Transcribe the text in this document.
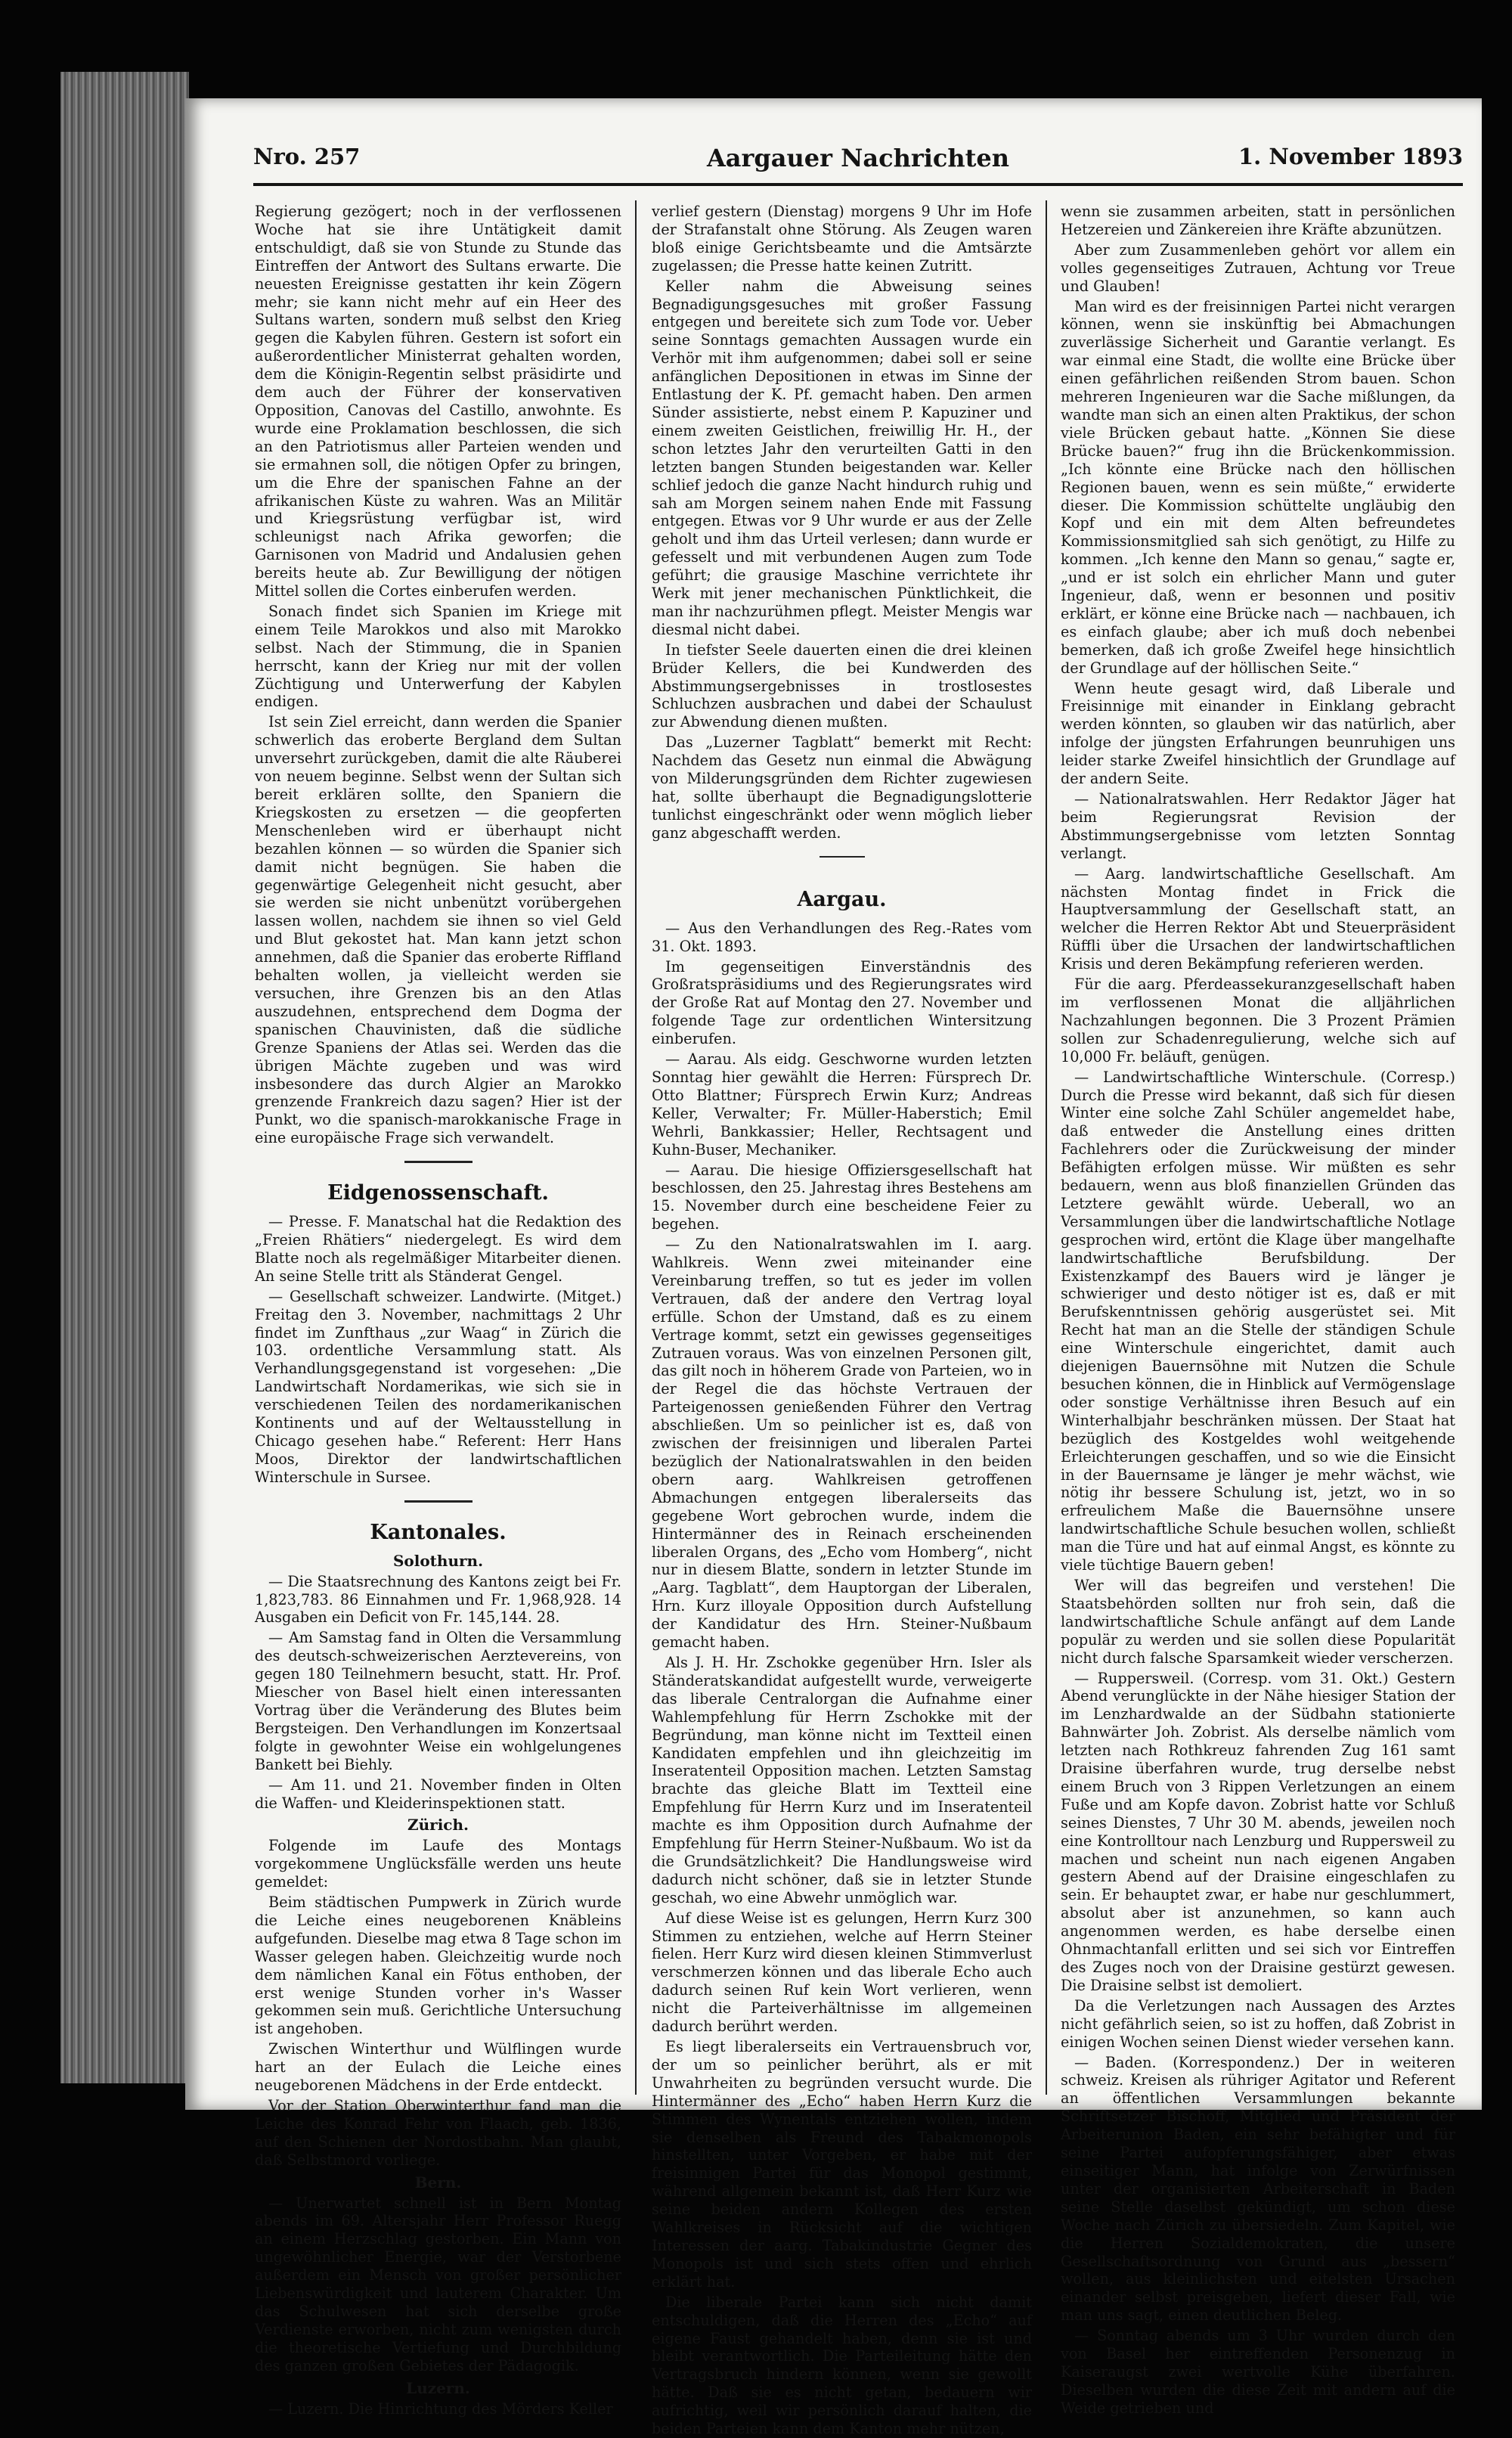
Nro. 257	Aargauer Nachrichten	1. November 1893

Regierung gezögert; noch in der verflossenen Woche hat sie ihre Untätigkeit damit entschuldigt, daß sie von Stunde zu Stunde das Eintreffen der Antwort des Sultans erwarte. Die neuesten Ereignisse gestatten ihr kein Zögern mehr; sie kann nicht mehr auf ein Heer des Sultans warten, sondern muß selbst den Krieg gegen die Kabylen führen. Gestern ist sofort ein außerordentlicher Ministerrat gehalten worden, dem die Königin-Regentin selbst präsidirte und dem auch der Führer der konservativen Opposition, Canovas del Castillo, anwohnte. Es wurde eine Proklamation beschlossen, die sich an den Patriotismus aller Parteien wenden und sie ermahnen soll, die nötigen Opfer zu bringen, um die Ehre der spanischen Fahne an der afrikanischen Küste zu wahren. Was an Militär und Kriegsrüstung verfügbar ist, wird schleunigst nach Afrika geworfen; die Garnisonen von Madrid und Andalusien gehen bereits heute ab. Zur Bewilligung der nötigen Mittel sollen die Cortes einberufen werden.

Sonach findet sich Spanien im Kriege mit einem Teile Marokkos und also mit Marokko selbst. Nach der Stimmung, die in Spanien herrscht, kann der Krieg nur mit der vollen Züchtigung und Unterwerfung der Kabylen endigen.

Ist sein Ziel erreicht, dann werden die Spanier schwerlich das eroberte Bergland dem Sultan unversehrt zurückgeben, damit die alte Räuberei von neuem beginne. Selbst wenn der Sultan sich bereit erklären sollte, den Spaniern die Kriegskosten zu ersetzen — die geopferten Menschenleben wird er überhaupt nicht bezahlen können — so würden die Spanier sich damit nicht begnügen. Sie haben die gegenwärtige Gelegenheit nicht gesucht, aber sie werden sie nicht unbenützt vorübergehen lassen wollen, nachdem sie ihnen so viel Geld und Blut gekostet hat. Man kann jetzt schon annehmen, daß die Spanier das eroberte Riffland behalten wollen, ja vielleicht werden sie versuchen, ihre Grenzen bis an den Atlas auszudehnen, entsprechend dem Dogma der spanischen Chauvinisten, daß die südliche Grenze Spaniens der Atlas sei. Werden das die übrigen Mächte zugeben und was wird insbesondere das durch Algier an Marokko grenzende Frankreich dazu sagen? Hier ist der Punkt, wo die spanisch-marokkanische Frage in eine europäische Frage sich verwandelt.

Eidgenossenschaft.

— Presse. F. Manatschal hat die Redaktion des „Freien Rhätiers“ niedergelegt. Es wird dem Blatte noch als regelmäßiger Mitarbeiter dienen. An seine Stelle tritt als Ständerat Gengel.

— Gesellschaft schweizer. Landwirte. (Mitget.) Freitag den 3. November, nachmittags 2 Uhr findet im Zunfthaus „zur Waag“ in Zürich die 103. ordentliche Versammlung statt. Als Verhandlungsgegenstand ist vorgesehen: „Die Landwirtschaft Nordamerikas, wie sich sie in verschiedenen Teilen des nordamerikanischen Kontinents und auf der Weltausstellung in Chicago gesehen habe.“ Referent: Herr Hans Moos, Direktor der landwirtschaftlichen Winterschule in Sursee.

Kantonales.
Solothurn.

— Die Staatsrechnung des Kantons zeigt bei Fr. 1,823,783. 86 Einnahmen und Fr. 1,968,928. 14 Ausgaben ein Deficit von Fr. 145,144. 28.

— Am Samstag fand in Olten die Versammlung des deutsch-schweizerischen Aerztevereins, von gegen 180 Teilnehmern besucht, statt. Hr. Prof. Miescher von Basel hielt einen interessanten Vortrag über die Veränderung des Blutes beim Bergsteigen. Den Verhandlungen im Konzertsaal folgte in gewohnter Weise ein wohlgelungenes Bankett bei Biehly.

— Am 11. und 21. November finden in Olten die Waffen- und Kleiderinspektionen statt.

Zürich.

Folgende im Laufe des Montags vorgekommene Unglücksfälle werden uns heute gemeldet:

Beim städtischen Pumpwerk in Zürich wurde die Leiche eines neugeborenen Knäbleins aufgefunden. Dieselbe mag etwa 8 Tage schon im Wasser gelegen haben. Gleichzeitig wurde noch dem nämlichen Kanal ein Fötus enthoben, der erst wenige Stunden vorher in's Wasser gekommen sein muß. Gerichtliche Untersuchung ist angehoben.

Zwischen Winterthur und Wülflingen wurde hart an der Eulach die Leiche eines neugeborenen Mädchens in der Erde entdeckt.

Vor der Station Oberwinterthur fand man die Leiche des Konrad Fehr von Flaach, geb. 1836, auf den Schienen der Nordostbahn. Man glaubt, daß Selbstmord vorliege.

Bern.

— Unerwartet schnell ist in Bern Montag abends im 69. Altersjahr Herr Professor Ruegg an einem Herzschlag gestorben. Ein Mann von ungewöhnlicher Energie, war der Verstorbene außerdem ein Mensch von großer persönlicher Liebenswürdigkeit und lauterem Charakter. Um das Schulwesen hat sich derselbe große Verdienste erworben, nicht zum wenigsten durch die theoretische Vertiefung und Durchbildung des ganzen großen Gebietes der Pädagogik.

Luzern.

— Luzern. Die Hinrichtung des Mörders Keller

verlief gestern (Dienstag) morgens 9 Uhr im Hofe der Strafanstalt ohne Störung. Als Zeugen waren bloß einige Gerichtsbeamte und die Amtsärzte zugelassen; die Presse hatte keinen Zutritt.

Keller nahm die Abweisung seines Begnadigungsgesuches mit großer Fassung entgegen und bereitete sich zum Tode vor. Ueber seine Sonntags gemachten Aussagen wurde ein Verhör mit ihm aufgenommen; dabei soll er seine anfänglichen Depositionen in etwas im Sinne der Entlastung der K. Pf. gemacht haben. Den armen Sünder assistierte, nebst einem P. Kapuziner und einem zweiten Geistlichen, freiwillig Hr. H., der schon letztes Jahr den verurteilten Gatti in den letzten bangen Stunden beigestanden war. Keller schlief jedoch die ganze Nacht hindurch ruhig und sah am Morgen seinem nahen Ende mit Fassung entgegen. Etwas vor 9 Uhr wurde er aus der Zelle geholt und ihm das Urteil verlesen; dann wurde er gefesselt und mit verbundenen Augen zum Tode geführt; die grausige Maschine verrichtete ihr Werk mit jener mechanischen Pünktlichkeit, die man ihr nachzurühmen pflegt. Meister Mengis war diesmal nicht dabei.

In tiefster Seele dauerten einen die drei kleinen Brüder Kellers, die bei Kundwerden des Abstimmungsergebnisses in trostlosestes Schluchzen ausbrachen und dabei der Schaulust zur Abwendung dienen mußten.

Das „Luzerner Tagblatt“ bemerkt mit Recht: Nachdem das Gesetz nun einmal die Abwägung von Milderungsgründen dem Richter zugewiesen hat, sollte überhaupt die Begnadigungslotterie tunlichst eingeschränkt oder wenn möglich lieber ganz abgeschafft werden.

Aargau.

— Aus den Verhandlungen des Reg.-Rates vom 31. Okt. 1893.

Im gegenseitigen Einverständnis des Großratspräsidiums und des Regierungsrates wird der Große Rat auf Montag den 27. November und folgende Tage zur ordentlichen Wintersitzung einberufen.

— Aarau. Als eidg. Geschworne wurden letzten Sonntag hier gewählt die Herren: Fürsprech Dr. Otto Blattner; Fürsprech Erwin Kurz; Andreas Keller, Verwalter; Fr. Müller-Haberstich; Emil Wehrli, Bankkassier; Heller, Rechtsagent und Kuhn-Buser, Mechaniker.

— Aarau. Die hiesige Offiziersgesellschaft hat beschlossen, den 25. Jahrestag ihres Bestehens am 15. November durch eine bescheidene Feier zu begehen.

— Zu den Nationalratswahlen im I. aarg. Wahlkreis. Wenn zwei miteinander eine Vereinbarung treffen, so tut es jeder im vollen Vertrauen, daß der andere den Vertrag loyal erfülle. Schon der Umstand, daß es zu einem Vertrage kommt, setzt ein gewisses gegenseitiges Zutrauen voraus. Was von einzelnen Personen gilt, das gilt noch in höherem Grade von Parteien, wo in der Regel die das höchste Vertrauen der Parteigenossen genießenden Führer den Vertrag abschließen. Um so peinlicher ist es, daß von zwischen der freisinnigen und liberalen Partei bezüglich der Nationalratswahlen in den beiden obern aarg. Wahlkreisen getroffenen Abmachungen entgegen liberalerseits das gegebene Wort gebrochen wurde, indem die Hintermänner des in Reinach erscheinenden liberalen Organs, des „Echo vom Homberg“, nicht nur in diesem Blatte, sondern in letzter Stunde im „Aarg. Tagblatt“, dem Hauptorgan der Liberalen, Hrn. Kurz illoyale Opposition durch Aufstellung der Kandidatur des Hrn. Steiner-Nußbaum gemacht haben.

Als J. H. Hr. Zschokke gegenüber Hrn. Isler als Ständeratskandidat aufgestellt wurde, verweigerte das liberale Centralorgan die Aufnahme einer Wahlempfehlung für Herrn Zschokke mit der Begründung, man könne nicht im Textteil einen Kandidaten empfehlen und ihn gleichzeitig im Inseratenteil Opposition machen. Letzten Samstag brachte das gleiche Blatt im Textteil eine Empfehlung für Herrn Kurz und im Inseratenteil machte es ihm Opposition durch Aufnahme der Empfehlung für Herrn Steiner-Nußbaum. Wo ist da die Grundsätzlichkeit? Die Handlungsweise wird dadurch nicht schöner, daß sie in letzter Stunde geschah, wo eine Abwehr unmöglich war.

Auf diese Weise ist es gelungen, Herrn Kurz 300 Stimmen zu entziehen, welche auf Herrn Steiner fielen. Herr Kurz wird diesen kleinen Stimmverlust verschmerzen können und das liberale Echo auch dadurch seinen Ruf kein Wort verlieren, wenn nicht die Parteiverhältnisse im allgemeinen dadurch berührt werden.

Es liegt liberalerseits ein Vertrauensbruch vor, der um so peinlicher berührt, als er mit Unwahrheiten zu begründen versucht wurde. Die Hintermänner des „Echo“ haben Herrn Kurz die Stimmen des Wynentals entziehen wollen, indem sie denselben als Freund des Tabakmonopols hinstellten, unter Vorgeben, er habe mit der freisinnigen Partei für das Monopol gestimmt, während allgemein bekannt ist, daß Herr Kurz wie seine beiden andern Kollegen des ersten Wahlkreises in Rücksicht auf die wichtigen Interessen der aarg. Tabakindustrie Gegner des Monopols ist und sich stets offen und ehrlich erklärt hat.

Die liberale Partei kann sich nicht damit entschuldigen, daß die Herren des „Echo“ auf eigene Faust gehandelt haben, denn sie ist und bleibt verantwortlich. Die Parteileitung hätte den Vertragsbruch hindern können, wenn sie gewollt hätte. Daß sie es nicht getan, bedauern wir aufrichtig, weil wir persönlich darauf halten, die beiden Parteien kann dem Kanton mehr nützen,

wenn sie zusammen arbeiten, statt in persönlichen Hetzereien und Zänkereien ihre Kräfte abzunützen.

Aber zum Zusammenleben gehört vor allem ein volles gegenseitiges Zutrauen, Achtung vor Treue und Glauben!

Man wird es der freisinnigen Partei nicht verargen können, wenn sie inskünftig bei Abmachungen zuverlässige Sicherheit und Garantie verlangt. Es war einmal eine Stadt, die wollte eine Brücke über einen gefährlichen reißenden Strom bauen. Schon mehreren Ingenieuren war die Sache mißlungen, da wandte man sich an einen alten Praktikus, der schon viele Brücken gebaut hatte. „Können Sie diese Brücke bauen?“ frug ihn die Brückenkommission. „Ich könnte eine Brücke nach den höllischen Regionen bauen, wenn es sein müßte,“ erwiderte dieser. Die Kommission schüttelte ungläubig den Kopf und ein mit dem Alten befreundetes Kommissionsmitglied sah sich genötigt, zu Hilfe zu kommen. „Ich kenne den Mann so genau,“ sagte er, „und er ist solch ein ehrlicher Mann und guter Ingenieur, daß, wenn er besonnen und positiv erklärt, er könne eine Brücke nach — nachbauen, ich es einfach glaube; aber ich muß doch nebenbei bemerken, daß ich große Zweifel hege hinsichtlich der Grundlage auf der höllischen Seite.“

Wenn heute gesagt wird, daß Liberale und Freisinnige mit einander in Einklang gebracht werden könnten, so glauben wir das natürlich, aber infolge der jüngsten Erfahrungen beunruhigen uns leider starke Zweifel hinsichtlich der Grundlage auf der andern Seite.

— Nationalratswahlen. Herr Redaktor Jäger hat beim Regierungsrat Revision der Abstimmungsergebnisse vom letzten Sonntag verlangt.

— Aarg. landwirtschaftliche Gesellschaft. Am nächsten Montag findet in Frick die Hauptversammlung der Gesellschaft statt, an welcher die Herren Rektor Abt und Steuerpräsident Rüffli über die Ursachen der landwirtschaftlichen Krisis und deren Bekämpfung referieren werden.

Für die aarg. Pferdeassekuranzgesellschaft haben im verflossenen Monat die alljährlichen Nachzahlungen begonnen. Die 3 Prozent Prämien sollen zur Schadenregulierung, welche sich auf 10,000 Fr. beläuft, genügen.

— Landwirtschaftliche Winterschule. (Corresp.) Durch die Presse wird bekannt, daß sich für diesen Winter eine solche Zahl Schüler angemeldet habe, daß entweder die Anstellung eines dritten Fachlehrers oder die Zurückweisung der minder Befähigten erfolgen müsse. Wir müßten es sehr bedauern, wenn aus bloß finanziellen Gründen das Letztere gewählt würde. Ueberall, wo an Versammlungen über die landwirtschaftliche Notlage gesprochen wird, ertönt die Klage über mangelhafte landwirtschaftliche Berufsbildung. Der Existenzkampf des Bauers wird je länger je schwieriger und desto nötiger ist es, daß er mit Berufskenntnissen gehörig ausgerüstet sei. Mit Recht hat man an die Stelle der ständigen Schule eine Winterschule eingerichtet, damit auch diejenigen Bauernsöhne mit Nutzen die Schule besuchen können, die in Hinblick auf Vermögenslage oder sonstige Verhältnisse ihren Besuch auf ein Winterhalbjahr beschränken müssen. Der Staat hat bezüglich des Kostgeldes wohl weitgehende Erleichterungen geschaffen, und so wie die Einsicht in der Bauernsame je länger je mehr wächst, wie nötig ihr bessere Schulung ist, jetzt, wo in so erfreulichem Maße die Bauernsöhne unsere landwirtschaftliche Schule besuchen wollen, schließt man die Türe und hat auf einmal Angst, es könnte zu viele tüchtige Bauern geben!

Wer will das begreifen und verstehen! Die Staatsbehörden sollten nur froh sein, daß die landwirtschaftliche Schule anfängt auf dem Lande populär zu werden und sie sollen diese Popularität nicht durch falsche Sparsamkeit wieder verscherzen.

— Ruppersweil. (Corresp. vom 31. Okt.) Gestern Abend verunglückte in der Nähe hiesiger Station der im Lenzhardwalde an der Südbahn stationierte Bahnwärter Joh. Zobrist. Als derselbe nämlich vom letzten nach Rothkreuz fahrenden Zug 161 samt Draisine überfahren wurde, trug derselbe nebst einem Bruch von 3 Rippen Verletzungen an einem Fuße und am Kopfe davon. Zobrist hatte vor Schluß seines Dienstes, 7 Uhr 30 M. abends, jeweilen noch eine Kontrolltour nach Lenzburg und Ruppersweil zu machen und scheint nun nach eigenen Angaben gestern Abend auf der Draisine eingeschlafen zu sein. Er behauptet zwar, er habe nur geschlummert, absolut aber ist anzunehmen, so kann auch angenommen werden, es habe derselbe einen Ohnmachtanfall erlitten und sei sich vor Eintreffen des Zuges noch von der Draisine gestürzt gewesen. Die Draisine selbst ist demoliert.

Da die Verletzungen nach Aussagen des Arztes nicht gefährlich seien, so ist zu hoffen, daß Zobrist in einigen Wochen seinen Dienst wieder versehen kann.

— Baden. (Korrespondenz.) Der in weiteren schweiz. Kreisen als rühriger Agitator und Referent an öffentlichen Versammlungen bekannte Schriftsetzer Bischoff, Mitglied und Präsident der Arbeiterunion Baden, ein sehr befähigter und für seine Partei aufopferungsfähiger, aber etwas einseitiger Mann, hat infolge von Zerwürfnissen unter der organisierten Arbeiterschaft in Baden seine Stelle daselbst gekündigt, um schon diese Woche nach Zürich zu übersiedeln. Zum Kapitel, wie die Herren Sozialdemokraten, die unsere Gesellschaftsordnung von Grund aus „bessern“ wollen, aus kleinlichsten und eitelsten Ursachen einander selbst preisgeben, liefert dieser Fall, wie man uns sagt, einen deutlichen Beleg.

— Sonntag abends um 3 Uhr wurden durch den von Basel her eintreffenden Personenzug in Kaiseraugst zwei wertvolle Kühe überfahren. Dieselben wurden die diese Zeit mit andern auf die Weide getrieben und
